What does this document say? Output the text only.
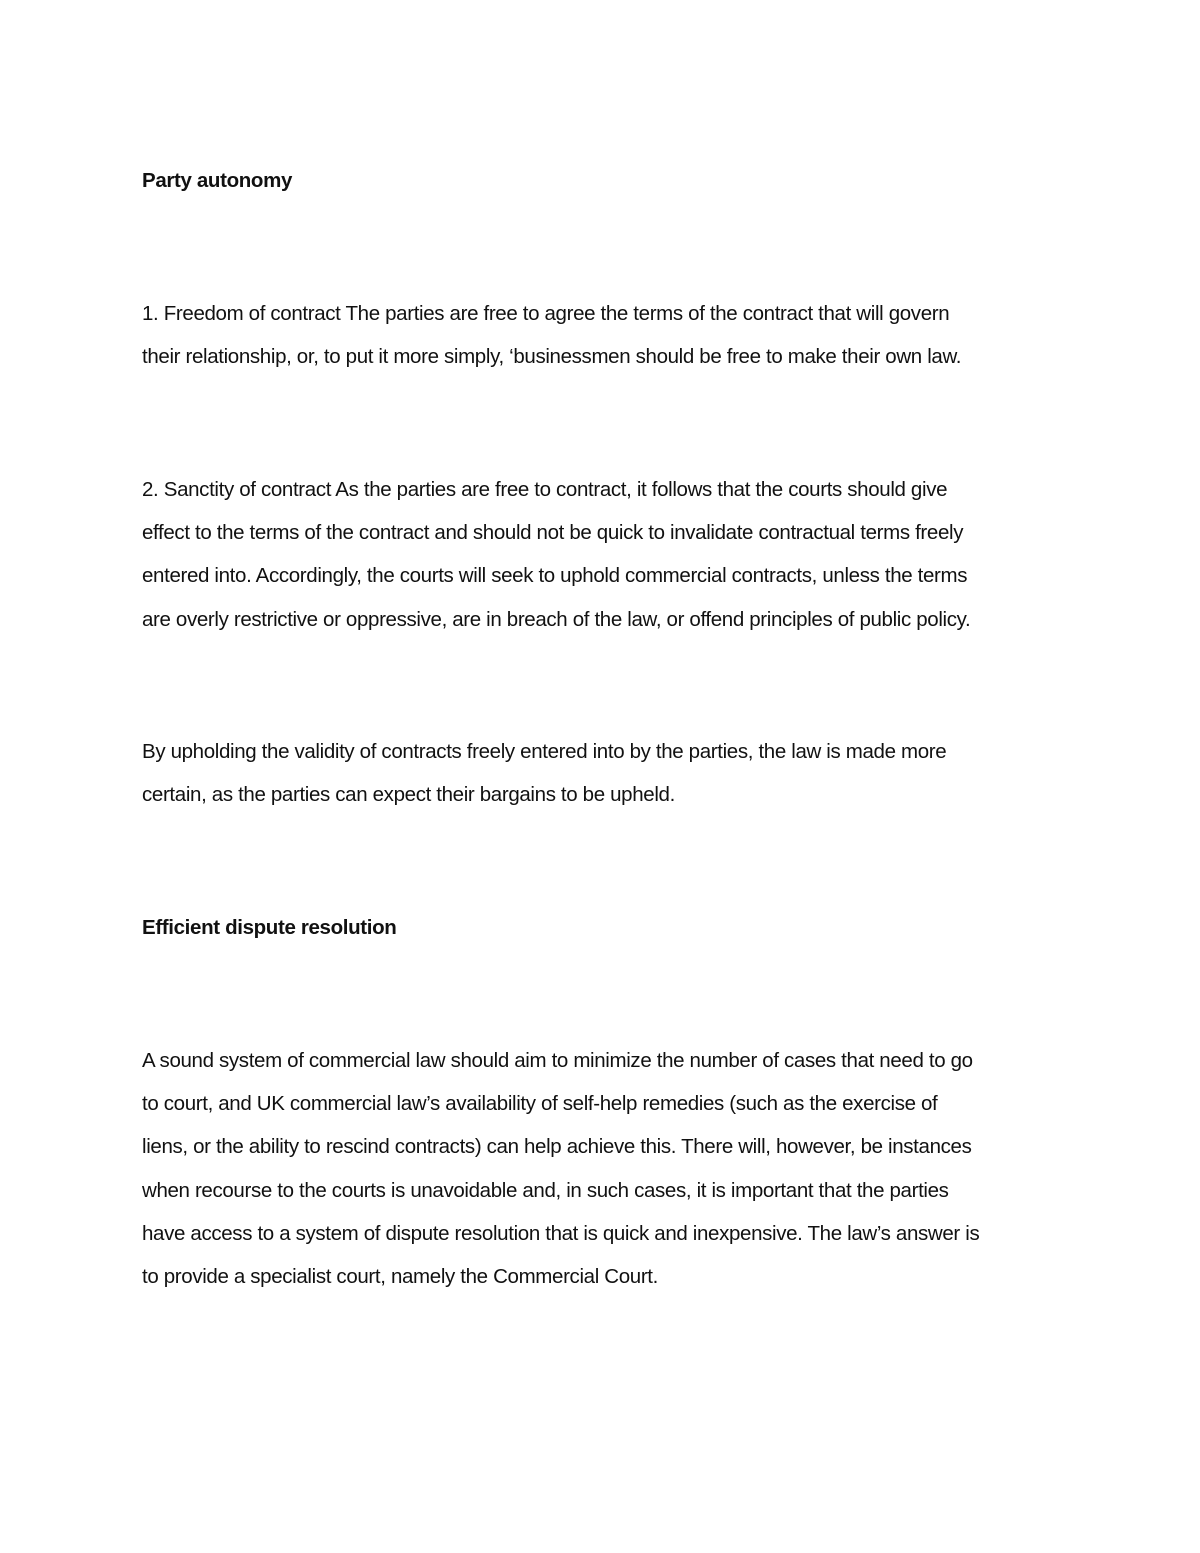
Party autonomy

1. Freedom of contract The parties are free to agree the terms of the contract that will govern
their relationship, or, to put it more simply, ‘businessmen should be free to make their own law.

2. Sanctity of contract As the parties are free to contract, it follows that the courts should give
effect to the terms of the contract and should not be quick to invalidate contractual terms freely
entered into. Accordingly, the courts will seek to uphold commercial contracts, unless the terms
are overly restrictive or oppressive, are in breach of the law, or offend principles of public policy.

By upholding the validity of contracts freely entered into by the parties, the law is made more
certain, as the parties can expect their bargains to be upheld.

Efficient dispute resolution

A sound system of commercial law should aim to minimize the number of cases that need to go
to court, and UK commercial law’s availability of self-help remedies (such as the exercise of
liens, or the ability to rescind contracts) can help achieve this. There will, however, be instances
when recourse to the courts is unavoidable and, in such cases, it is important that the parties
have access to a system of dispute resolution that is quick and inexpensive. The law’s answer is
to provide a specialist court, namely the Commercial Court.
